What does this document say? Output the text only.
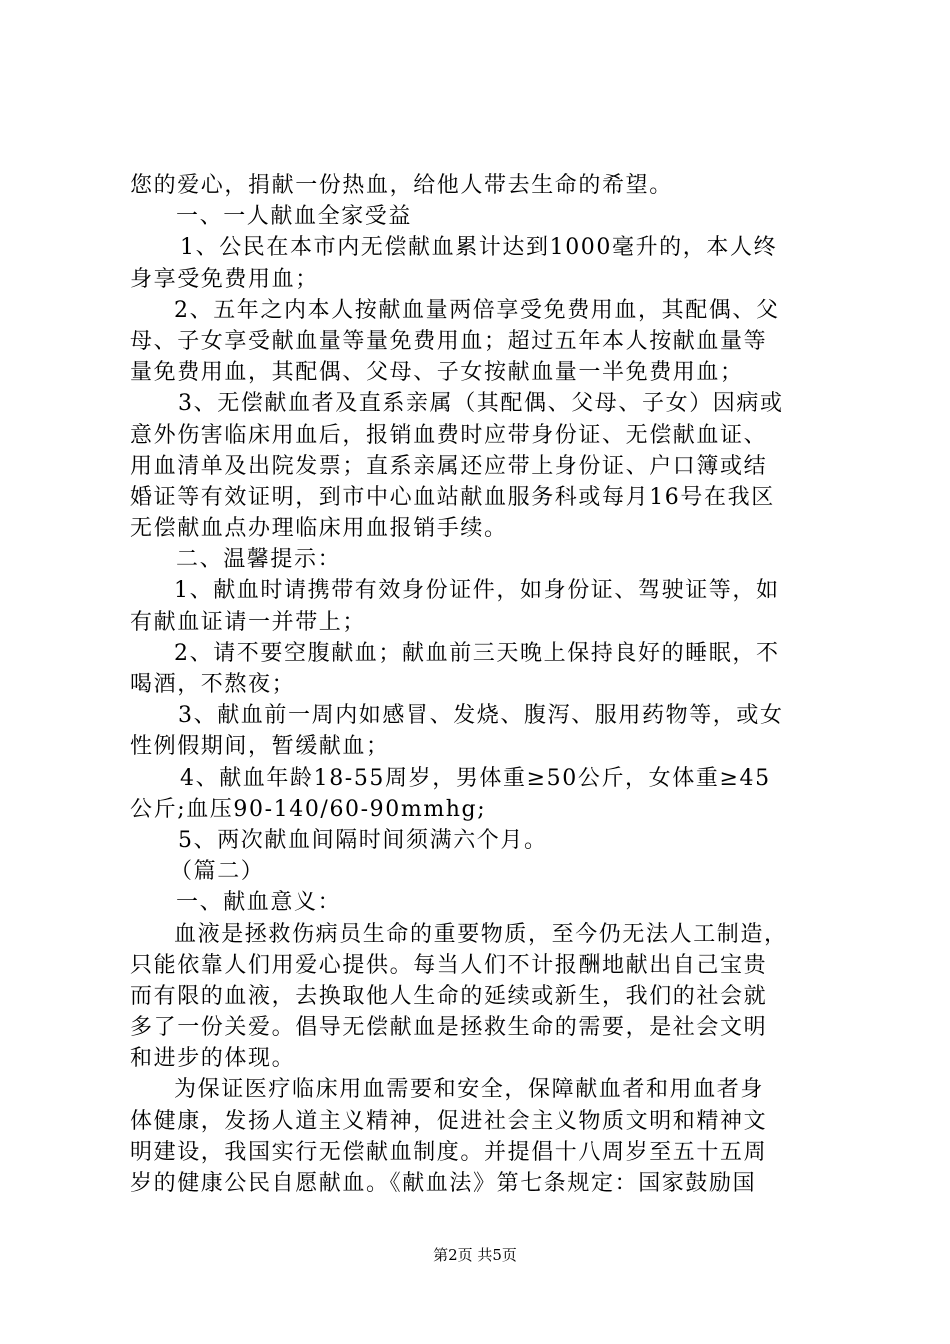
您的爱心，捐献一份热血，给他人带去生命的希望。
一、一人献血全家受益
1、公民在本市内无偿献血累计达到1000毫升的，本人终
身享受免费用血；
2、五年之内本人按献血量两倍享受免费用血，其配偶、父
母、子女享受献血量等量免费用血；超过五年本人按献血量等
量免费用血，其配偶、父母、子女按献血量一半免费用血；
3、无偿献血者及直系亲属（其配偶、父母、子女）因病或
意外伤害临床用血后，报销血费时应带身份证、无偿献血证、
用血清单及出院发票；直系亲属还应带上身份证、户口簿或结
婚证等有效证明，到市中心血站献血服务科或每月16号在我区
无偿献血点办理临床用血报销手续。
二、温馨提示：
1、献血时请携带有效身份证件，如身份证、驾驶证等，如
有献血证请一并带上；
2、请不要空腹献血；献血前三天晚上保持良好的睡眠，不
喝酒，不熬夜；
3、献血前一周内如感冒、发烧、腹泻、服用药物等，或女
性例假期间，暂缓献血；
4、献血年龄18-55周岁，男体重≥50公斤，女体重≥45
公斤;血压90-140/60-90mmhg;
5、两次献血间隔时间须满六个月。
（篇二）
一、献血意义：
血液是拯救伤病员生命的重要物质，至今仍无法人工制造，
只能依靠人们用爱心提供。每当人们不计报酬地献出自己宝贵
而有限的血液，去换取他人生命的延续或新生，我们的社会就
多了一份关爱。倡导无偿献血是拯救生命的需要，是社会文明
和进步的体现。
为保证医疗临床用血需要和安全，保障献血者和用血者身
体健康，发扬人道主义精神，促进社会主义物质文明和精神文
明建设，我国实行无偿献血制度。并提倡十八周岁至五十五周
岁的健康公民自愿献血。《献血法》第七条规定：国家鼓励国
第2页 共5页
